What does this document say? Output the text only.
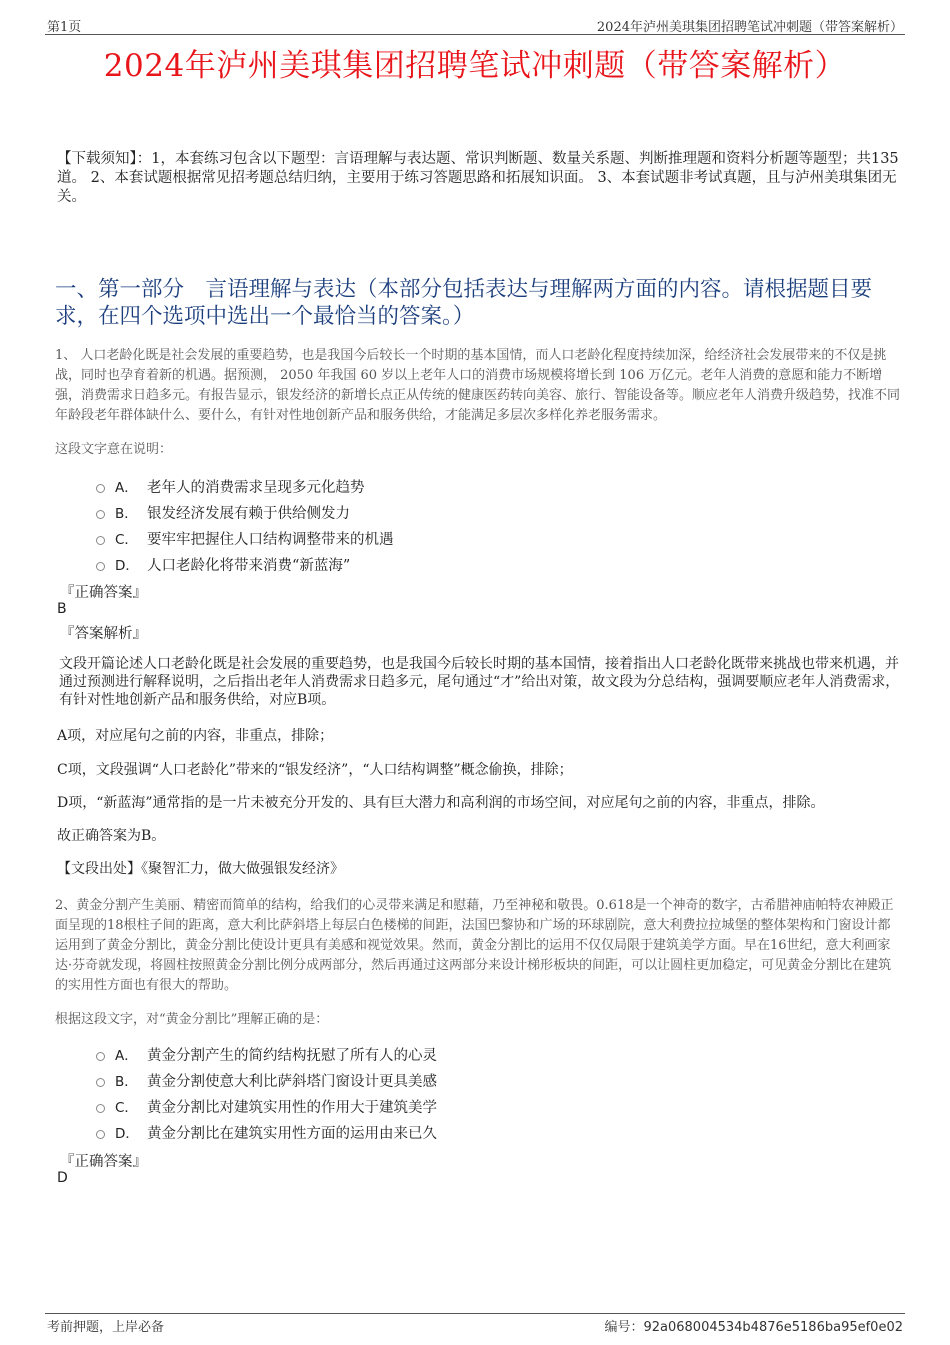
第1页	2024年泸州美琪集团招聘笔试冲刺题（带答案解析）
2024年泸州美琪集团招聘笔试冲刺题（带答案解析）
【下载须知】：1，本套练习包含以下题型：言语理解与表达题、常识判断题、数量关系题、判断推理题和资料分析题等题型；共135道。 2、本套试题根据常见招考题总结归纳，主要用于练习答题思路和拓展知识面。 3、本套试题非考试真题，且与泸州美琪集团无关。
一、第一部分　言语理解与表达（本部分包括表达与理解两方面的内容。请根据题目要求，在四个选项中选出一个最恰当的答案。）
1、 人口老龄化既是社会发展的重要趋势，也是我国今后较长一个时期的基本国情，而人口老龄化程度持续加深，给经济社会发展带来的不仅是挑战，同时也孕育着新的机遇。据预测， 2050 年我国 60 岁以上老年人口的消费市场规模将增长到 106 万亿元。老年人消费的意愿和能力不断增强，消费需求日趋多元。有报告显示，银发经济的新增长点正从传统的健康医药转向美容、旅行、智能设备等。顺应老年人消费升级趋势，找准不同年龄段老年群体缺什么、要什么，有针对性地创新产品和服务供给，才能满足多层次多样化养老服务需求。
这段文字意在说明：
A． 老年人的消费需求呈现多元化趋势
B． 银发经济发展有赖于供给侧发力
C． 要牢牢把握住人口结构调整带来的机遇
D． 人口老龄化将带来消费“新蓝海”
『正确答案』
B
『答案解析』
文段开篇论述人口老龄化既是社会发展的重要趋势，也是我国今后较长时期的基本国情，接着指出人口老龄化既带来挑战也带来机遇，并通过预测进行解释说明，之后指出老年人消费需求日趋多元，尾句通过“才”给出对策，故文段为分总结构，强调要顺应老年人消费需求，有针对性地创新产品和服务供给，对应B项。
A项，对应尾句之前的内容，非重点，排除；
C项，文段强调“人口老龄化”带来的“银发经济”，“人口结构调整”概念偷换，排除；
D项，“新蓝海”通常指的是一片未被充分开发的、具有巨大潜力和高利润的市场空间，对应尾句之前的内容，非重点，排除。
故正确答案为B。
【文段出处】《聚智汇力，做大做强银发经济》
2、黄金分割产生美丽、精密而简单的结构，给我们的心灵带来满足和慰藉，乃至神秘和敬畏。0.618是一个神奇的数字，古希腊神庙帕特农神殿正面呈现的18根柱子间的距离，意大利比萨斜塔上每层白色楼梯的间距，法国巴黎协和广场的环球剧院，意大利费拉拉城堡的整体架构和门窗设计都运用到了黄金分割比，黄金分割比使设计更具有美感和视觉效果。然而，黄金分割比的运用不仅仅局限于建筑美学方面。早在16世纪，意大利画家达·芬奇就发现，将圆柱按照黄金分割比例分成两部分，然后再通过这两部分来设计梯形板块的间距，可以让圆柱更加稳定，可见黄金分割比在建筑的实用性方面也有很大的帮助。
根据这段文字，对“黄金分割比”理解正确的是：
A． 黄金分割产生的简约结构抚慰了所有人的心灵
B． 黄金分割使意大利比萨斜塔门窗设计更具美感
C． 黄金分割比对建筑实用性的作用大于建筑美学
D． 黄金分割比在建筑实用性方面的运用由来已久
『正确答案』
D
考前押题，上岸必备	编号：92a068004534b4876e5186ba95ef0e02
